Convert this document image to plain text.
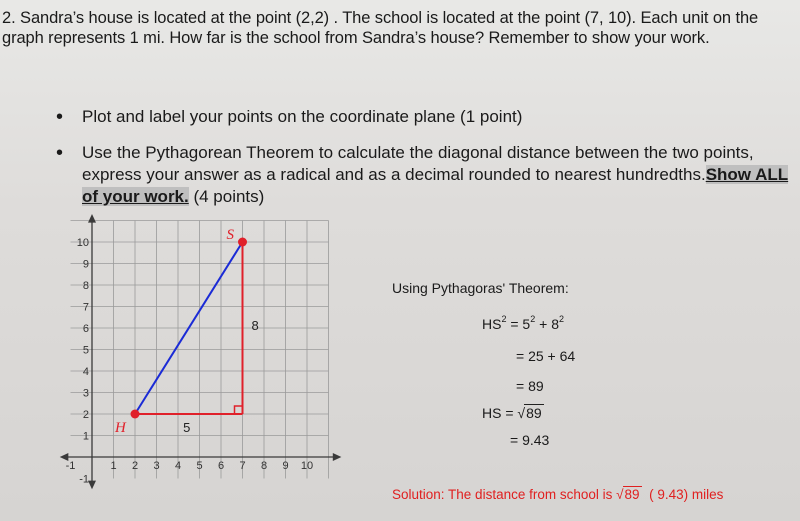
2. Sandra’s house is located at the point (2,2) . The school is located at the point (7, 10). Each unit on the graph represents 1 mi. How far is the school from Sandra’s house? Remember to show your work.
• Plot and label your points on the coordinate plane (1 point)
• Use the Pythagorean Theorem to calculate the diagonal distance between the two points, express your answer as a radical and as a decimal rounded to nearest hundredths.Show ALL of your work. (4 points)
-1	1 2 3 4 5 6 7 8 9 10
-1
1
2
3
4
5
6
7
8
9
10
H
S
5
8
Using Pythagoras' Theorem:
$HS^2 = 5^2 + 8^2$
= 25 + 64
= 89
HS = √89
= 9.43
Solution: The distance from school is √89  ( 9.43) miles
